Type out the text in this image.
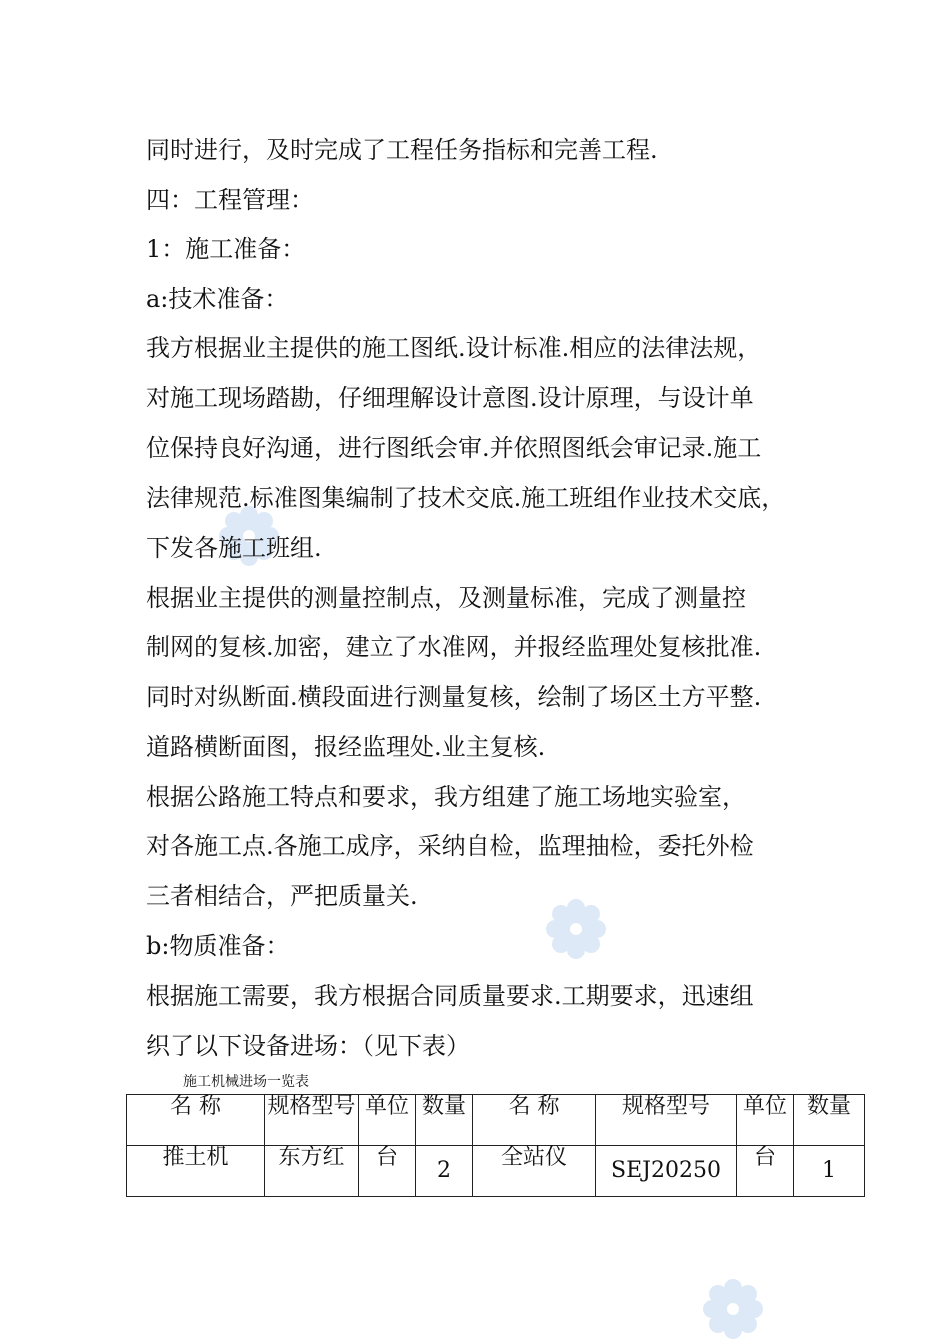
同时进行，及时完成了工程任务指标和完善工程.
四：工程管理：
1：施工准备：
a:技术准备：
我方根据业主提供的施工图纸.设计标准.相应的法律法规，
对施工现场踏勘，仔细理解设计意图.设计原理，与设计单
位保持良好沟通，进行图纸会审.并依照图纸会审记录.施工
法律规范.标准图集编制了技术交底.施工班组作业技术交底，
下发各施工班组.
根据业主提供的测量控制点，及测量标准，完成了测量控
制网的复核.加密，建立了水准网，并报经监理处复核批准.
同时对纵断面.横段面进行测量复核，绘制了场区土方平整.
道路横断面图，报经监理处.业主复核.
根据公路施工特点和要求，我方组建了施工场地实验室，
对各施工点.各施工成序，采纳自检，监理抽检，委托外检
三者相结合，严把质量关.
b:物质准备：
根据施工需要，我方根据合同质量要求.工期要求，迅速组
织了以下设备进场：（见下表）
施工机械进场一览表
名 称	规格型号	单位	数量	名 称	规格型号	单位	数量
推土机	东方红	台	2	全站仪	SEJ20250	台	1
